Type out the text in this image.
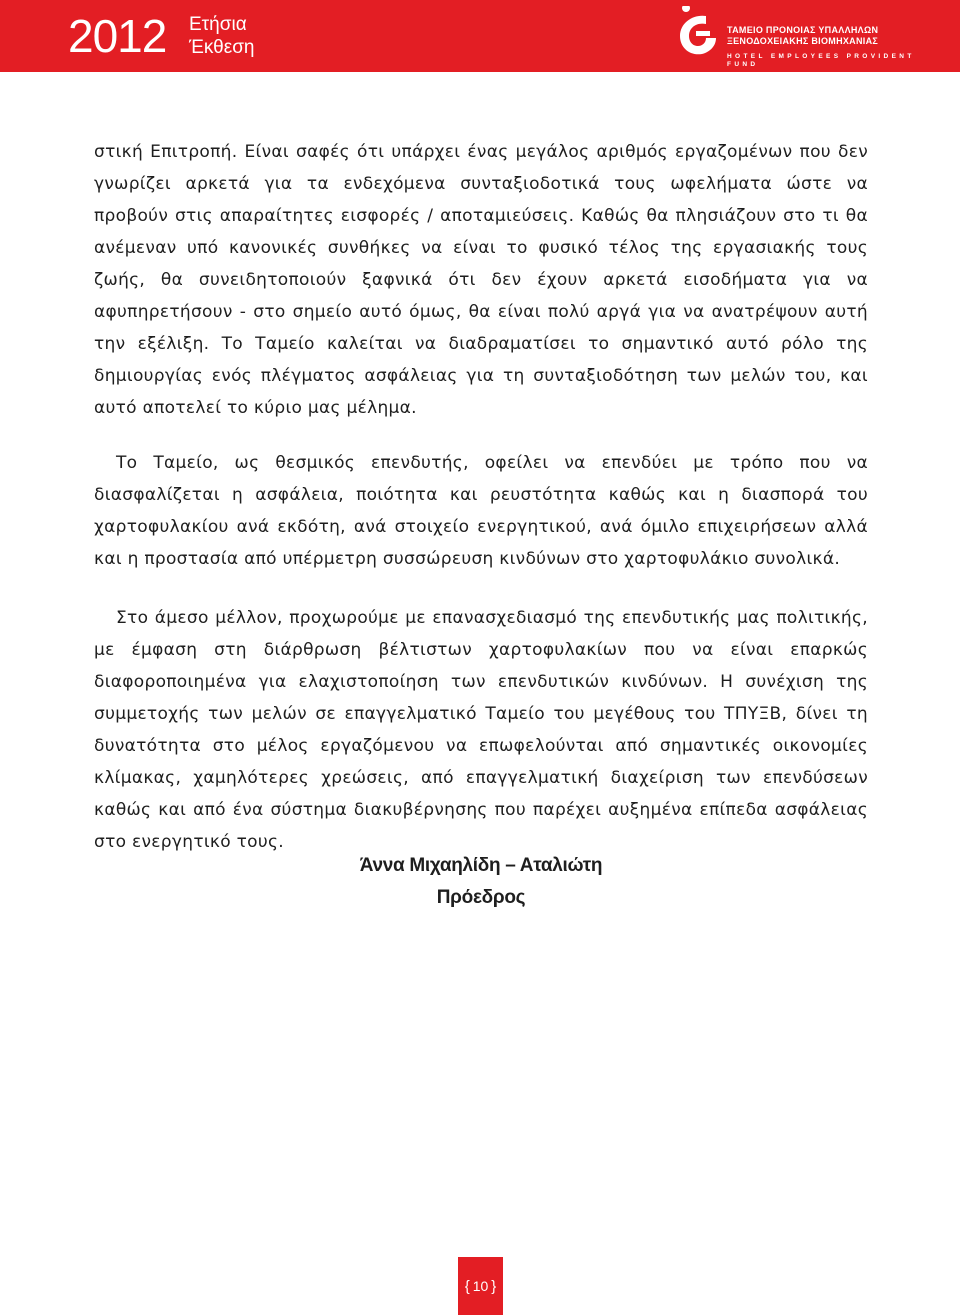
2012 Ετήσια
Έκθεση
ΤΑΜΕΙΟ ΠΡΟΝΟΙΑΣ ΥΠΑΛΛΗΛΩΝ
ΞΕΝΟΔΟΧΕΙΑΚΗΣ ΒΙΟΜΗΧΑΝΙΑΣ
HOTEL EMPLOYEES PROVIDENT FUND

στική Επιτροπή. Είναι σαφές ότι υπάρχει ένας μεγάλος αριθμός εργαζομένων που δεν γνωρίζει αρκετά για τα ενδεχόμενα συνταξιοδοτικά τους ωφελήματα ώστε να προβούν στις απαραίτητες εισφορές / αποταμιεύσεις. Καθώς θα πλησιάζουν στο τι θα ανέμεναν υπό κανονικές συνθήκες να είναι το φυσικό τέλος της εργασιακής τους ζωής, θα συνειδητοποιούν ξαφνικά ότι δεν έχουν αρκετά εισοδήματα για να αφυπηρετήσουν - στο σημείο αυτό όμως, θα είναι πολύ αργά για να ανατρέψουν αυτή την εξέλιξη. Το Ταμείο καλείται να διαδραματίσει το σημαντικό αυτό ρόλο της δημιουργίας ενός πλέγματος ασφάλειας για τη συνταξιοδότηση των μελών του, και αυτό αποτελεί το κύριο μας μέλημα.

Το Ταμείο, ως θεσμικός επενδυτής, οφείλει να επενδύει με τρόπο που να διασφαλίζεται η ασφάλεια, ποιότητα και ρευστότητα καθώς και η διασπορά του χαρτοφυλακίου ανά εκδότη, ανά στοιχείο ενεργητικού, ανά όμιλο επιχειρήσεων αλλά και η προστασία από υπέρμετρη συσσώρευση κινδύνων στο χαρτοφυλάκιο συνολικά.

Στο άμεσο μέλλον, προχωρούμε με επανασχεδιασμό της επενδυτικής μας πολιτικής, με έμφαση στη διάρθρωση βέλτιστων χαρτοφυλακίων που να είναι επαρκώς διαφοροποιημένα για ελαχιστοποίηση των επενδυτικών κινδύνων. Η συνέχιση της συμμετοχής των μελών σε επαγγελματικό Ταμείο του μεγέθους του ΤΠΥΞΒ, δίνει τη δυνατότητα στο μέλος εργαζόμενου να επωφελούνται από σημαντικές οικονομίες κλίμακας, χαμηλότερες χρεώσεις, από επαγγελματική διαχείριση των επενδύσεων καθώς και από ένα σύστημα διακυβέρνησης που παρέχει αυξημένα επίπεδα ασφάλειας στο ενεργητικό τους.

Άννα Μιχαηλίδη – Αταλιώτη
Πρόεδρος
{ 10 }
